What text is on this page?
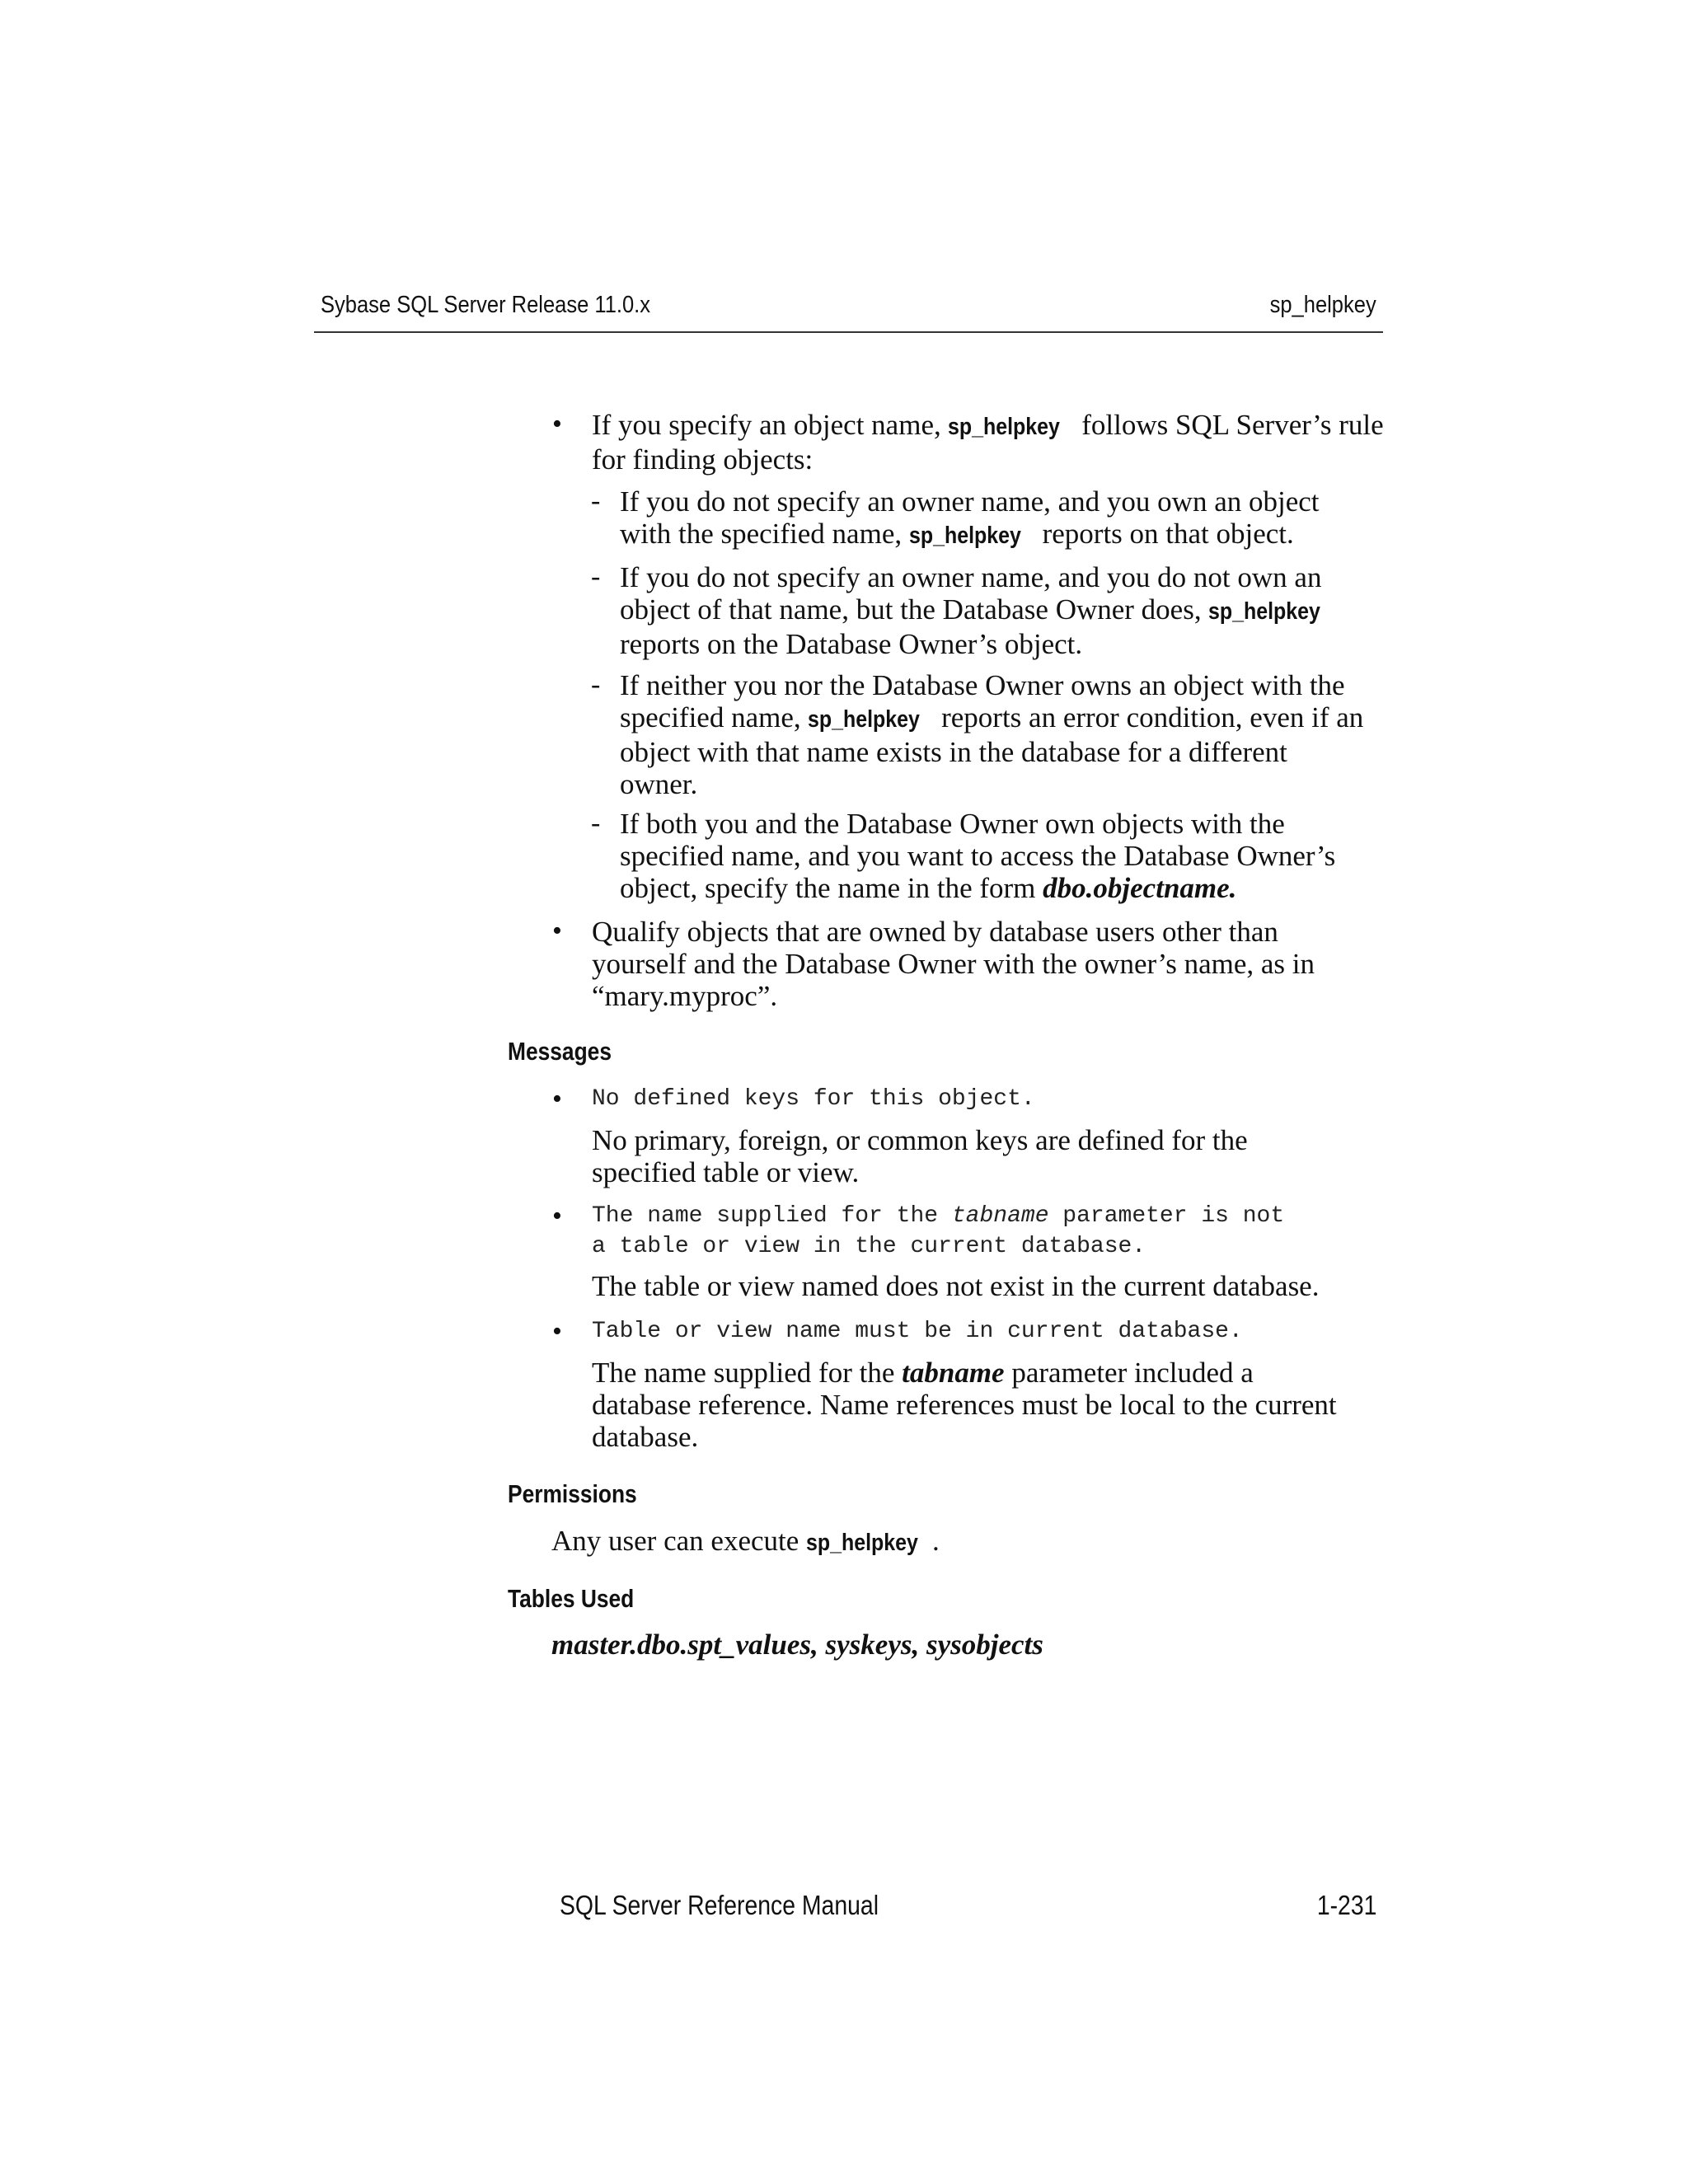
Sybase SQL Server Release 11.0.x	sp_helpkey
• If you specify an object name, sp_helpkey follows SQL Server’s rule
for finding objects:
- If you do not specify an owner name, and you own an object
with the specified name, sp_helpkey reports on that object.
- If you do not specify an owner name, and you do not own an
object of that name, but the Database Owner does, sp_helpkey
reports on the Database Owner’s object.
- If neither you nor the Database Owner owns an object with the
specified name, sp_helpkey reports an error condition, even if an
object with that name exists in the database for a different
owner.
- If both you and the Database Owner own objects with the
specified name, and you want to access the Database Owner’s
object, specify the name in the form dbo.objectname.
• Qualify objects that are owned by database users other than
yourself and the Database Owner with the owner’s name, as in
“mary.myproc”.
Messages
• No defined keys for this object.
No primary, foreign, or common keys are defined for the
specified table or view.
• The name supplied for the tabname parameter is not
a table or view in the current database.
The table or view named does not exist in the current database.
• Table or view name must be in current database.
The name supplied for the tabname parameter included a
database reference. Name references must be local to the current
database.
Permissions
Any user can execute sp_helpkey .
Tables Used
master.dbo.spt_values, syskeys, sysobjects
SQL Server Reference Manual	1-231
